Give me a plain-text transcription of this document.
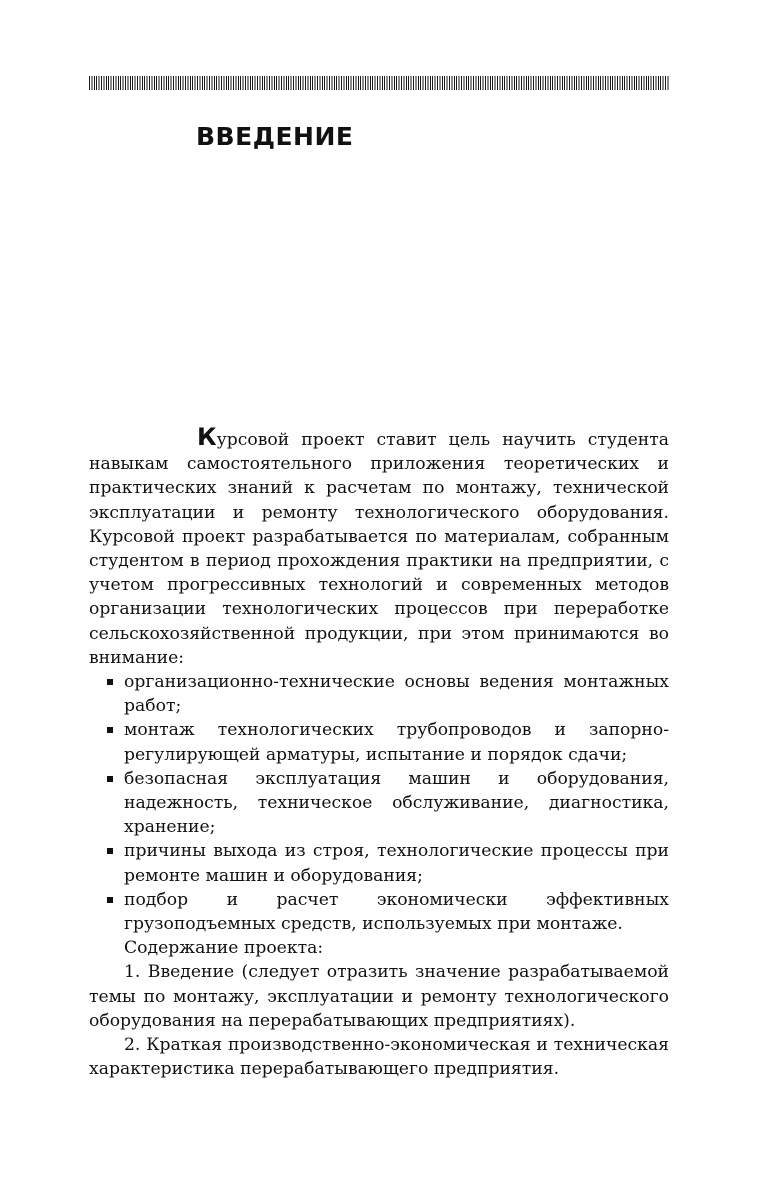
ВВЕДЕНИЕ

Курсовой проект ставит цель научить студента навыкам самостоятельного приложения теоретических и практических знаний к расчетам по монтажу, технической эксплуатации и ремонту технологического оборудования. Курсовой проект разрабатывается по материалам, собранным студентом в период прохождения практики на предприятии, с учетом прогрессивных технологий и современных методов организации технологических процессов при переработке сельскохозяйственной продукции, при этом принимаются во внимание:

организационно-технические основы ведения монтажных работ;
монтаж технологических трубопроводов и запорно-регулирующей арматуры, испытание и порядок сдачи;
безопасная эксплуатация машин и оборудования, надежность, техническое обслуживание, диагностика, хранение;
причины выхода из строя, технологические процессы при ремонте машин и оборудования;
подбор и расчет экономически эффективных грузоподъемных средств, используемых при монтаже.

Содержание проекта:

1. Введение (следует отразить значение разрабатываемой темы по монтажу, эксплуатации и ремонту технологического оборудования на перерабатывающих предприятиях).

2. Краткая производственно-экономическая и техническая характеристика перерабатывающего предприятия.
